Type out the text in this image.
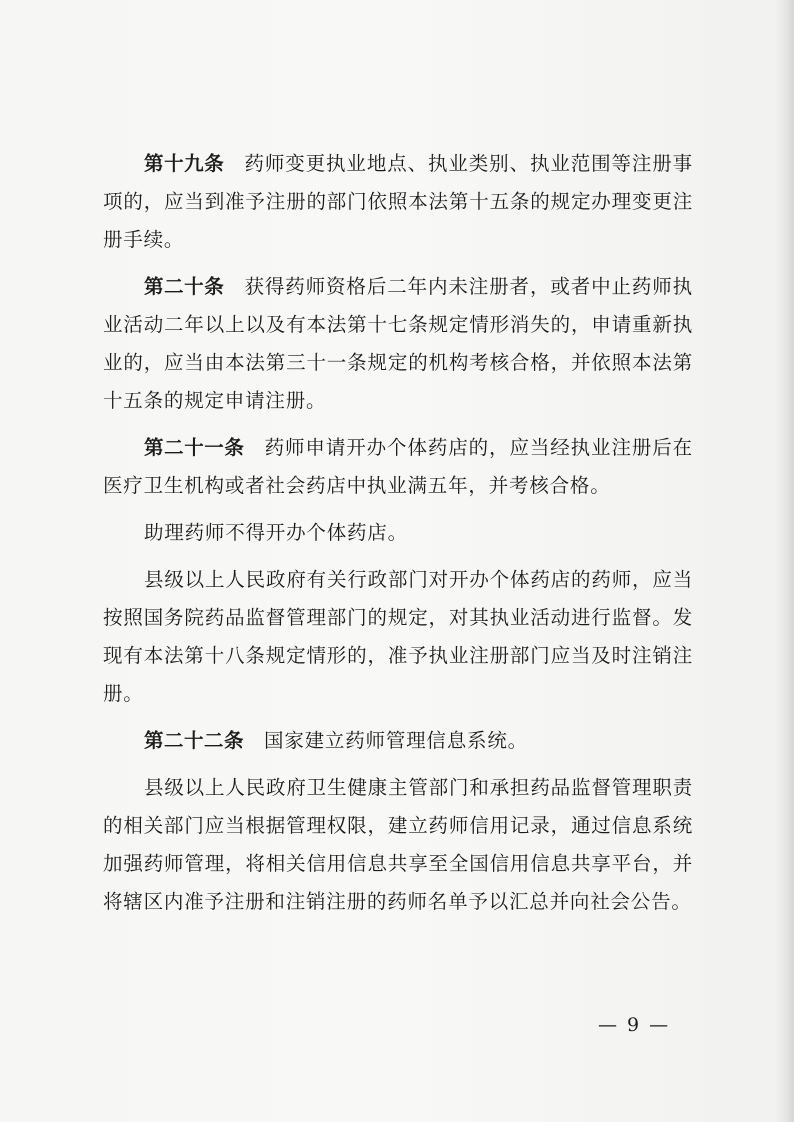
第十九条 药师变更执业地点、执业类别、执业范围等注册事项的，应当到准予注册的部门依照本法第十五条的规定办理变更注册手续。

第二十条 获得药师资格后二年内未注册者，或者中止药师执业活动二年以上以及有本法第十七条规定情形消失的，申请重新执业的，应当由本法第三十一条规定的机构考核合格，并依照本法第十五条的规定申请注册。

第二十一条 药师申请开办个体药店的，应当经执业注册后在医疗卫生机构或者社会药店中执业满五年，并考核合格。

助理药师不得开办个体药店。

县级以上人民政府有关行政部门对开办个体药店的药师，应当按照国务院药品监督管理部门的规定，对其执业活动进行监督。发现有本法第十八条规定情形的，准予执业注册部门应当及时注销注册。

第二十二条 国家建立药师管理信息系统。

县级以上人民政府卫生健康主管部门和承担药品监督管理职责的相关部门应当根据管理权限，建立药师信用记录，通过信息系统加强药师管理，将相关信用信息共享至全国信用信息共享平台，并将辖区内准予注册和注销注册的药师名单予以汇总并向社会公告。

— 9 —
